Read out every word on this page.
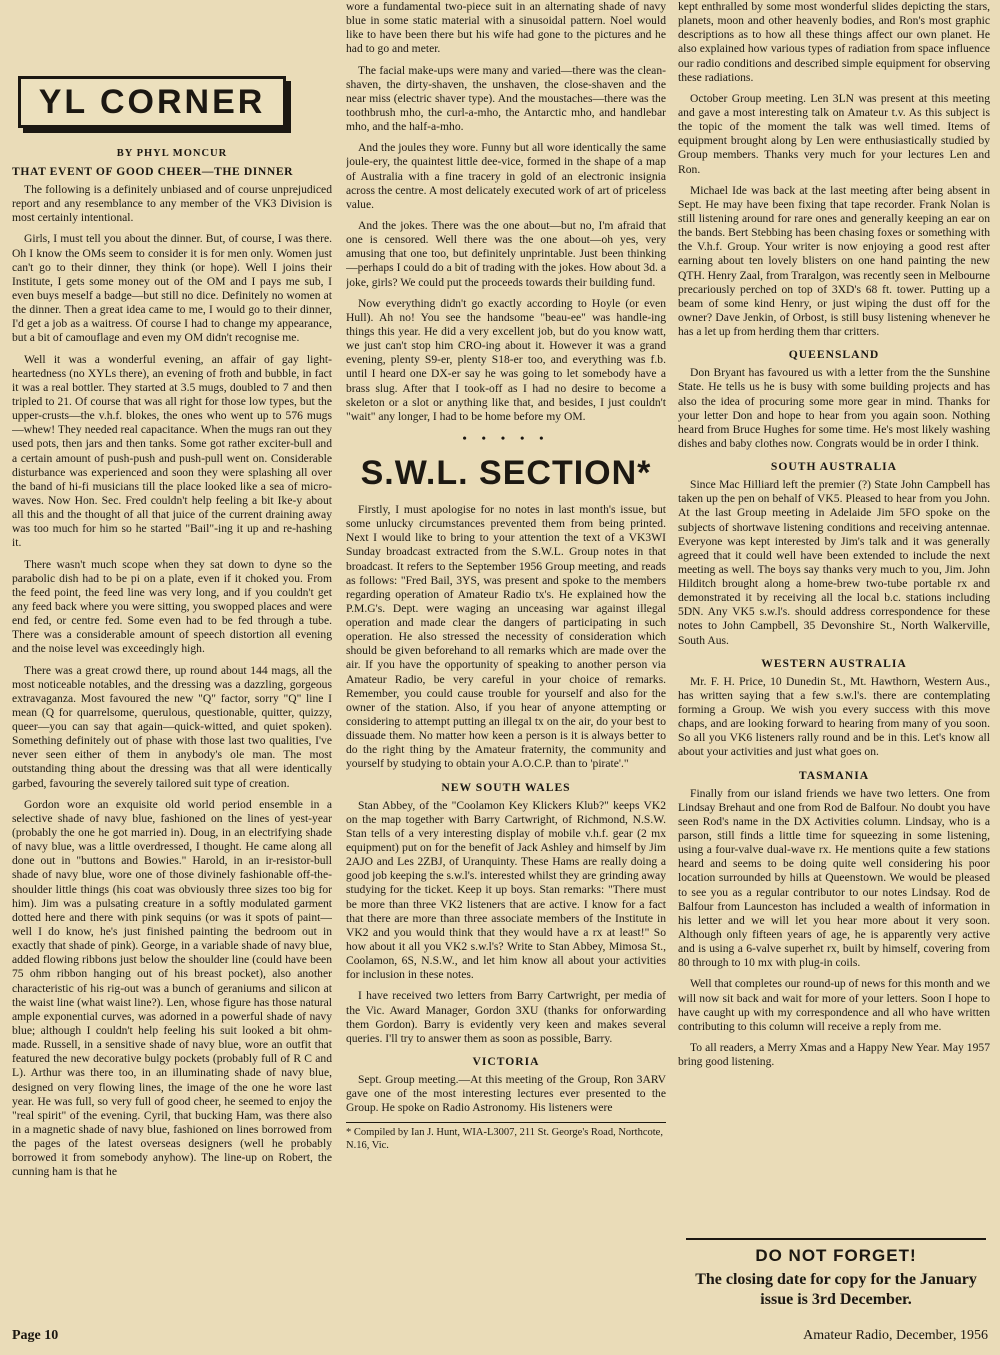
YL CORNER
BY PHYL MONCUR
THAT EVENT OF GOOD CHEER—THE DINNER

The following is a definitely unbiased and of course unprejudiced report and any resemblance to any member of the VK3 Division is most certainly intentional.

Girls, I must tell you about the dinner. But, of course, I was there. Oh I know the OMs seem to consider it is for men only. Women just can't go to their dinner, they think (or hope). Well I joins their Institute, I gets some money out of the OM and I pays me sub, I even buys meself a badge—but still no dice. Definitely no women at the dinner. Then a great idea came to me, I would go to their dinner, I'd get a job as a waitress. Of course I had to change my appearance, but a bit of camouflage and even my OM didn't recognise me.

Well it was a wonderful evening, an affair of gay light-heartedness (no XYLs there), an evening of froth and bubble, in fact it was a real bottler. They started at 3.5 mugs, doubled to 7 and then tripled to 21. Of course that was all right for those low types, but the upper-crusts—the v.h.f. blokes, the ones who went up to 576 mugs—whew! They needed real capacitance. When the mugs ran out they used pots, then jars and then tanks. Some got rather exciter-bull and a certain amount of push-push and push-pull went on. Considerable disturbance was experienced and soon they were splashing all over the band of hi-fi musicians till the place looked like a sea of micro-waves. Now Hon. Sec. Fred couldn't help feeling a bit Ike-y about all this and the thought of all that juice of the current draining away was too much for him so he started "Bail"-ing it up and re-hashing it.

There wasn't much scope when they sat down to dyne so the parabolic dish had to be pi on a plate, even if it choked you. From the feed point, the feed line was very long, and if you couldn't get any feed back where you were sitting, you swopped places and were end fed, or centre fed. Some even had to be fed through a tube. There was a considerable amount of speech distortion all evening and the noise level was exceedingly high.

There was a great crowd there, up round about 144 mags, all the most noticeable notables, and the dressing was a dazzling, gorgeous extravaganza. Most favoured the new "Q" factor, sorry "Q" line I mean (Q for quarrelsome, querulous, questionable, quitter, quizzy, queer—you can say that again—quick-witted, and quiet spoken). Something definitely out of phase with those last two qualities, I've never seen either of them in anybody's ole man. The most outstanding thing about the dressing was that all were identically garbed, favouring the severely tailored suit type of creation.

Gordon wore an exquisite old world period ensemble in a selective shade of navy blue, fashioned on the lines of yest-year (probably the one he got married in). Doug, in an electrifying shade of navy blue, was a little overdressed, I thought. He came along all done out in "buttons and Bowies." Harold, in an ir-resistor-bull shade of navy blue, wore one of those divinely fashionable off-the-shoulder little things (his coat was obviously three sizes too big for him). Jim was a pulsating creature in a softly modulated garment dotted here and there with pink sequins (or was it spots of paint—well I do know, he's just finished painting the bedroom out in exactly that shade of pink). George, in a variable shade of navy blue, added flowing ribbons just below the shoulder line (could have been 75 ohm ribbon hanging out of his breast pocket), also another characteristic of his rig-out was a bunch of geraniums and silicon at the waist line (what waist line?). Len, whose figure has those natural ample exponential curves, was adorned in a powerful shade of navy blue; although I couldn't help feeling his suit looked a bit ohm-made. Russell, in a sensitive shade of navy blue, wore an outfit that featured the new decorative bulgy pockets (probably full of R C and L). Arthur was there too, in an illuminating shade of navy blue, designed on very flowing lines, the image of the one he wore last year. He was full, so very full of good cheer, he seemed to enjoy the "real spirit" of the evening. Cyril, that bucking Ham, was there also in a magnetic shade of navy blue, fashioned on lines borrowed from the pages of the latest overseas designers (well he probably borrowed it from somebody anyhow). The line-up on Robert, the cunning ham is that he

wore a fundamental two-piece suit in an alternating shade of navy blue in some static material with a sinusoidal pattern. Noel would like to have been there but his wife had gone to the pictures and he had to go and meter.

The facial make-ups were many and varied—there was the clean-shaven, the dirty-shaven, the unshaven, the close-shaven and the near miss (electric shaver type). And the moustaches—there was the toothbrush mho, the curl-a-mho, the Antarctic mho, and handlebar mho, and the half-a-mho.

And the joules they wore. Funny but all wore identically the same joule-ery, the quaintest little dee-vice, formed in the shape of a map of Australia with a fine tracery in gold of an electronic insignia across the centre. A most delicately executed work of art of priceless value.

And the jokes. There was the one about—but no, I'm afraid that one is censored. Well there was the one about—oh yes, very amusing that one too, but definitely unprintable. Just been thinking—perhaps I could do a bit of trading with the jokes. How about 3d. a joke, girls? We could put the proceeds towards their building fund.

Now everything didn't go exactly according to Hoyle (or even Hull). Ah no! You see the handsome "beau-ee" was handle-ing things this year. He did a very excellent job, but do you know watt, we just can't stop him CRO-ing about it. However it was a grand evening, plenty S9-er, plenty S18-er too, and everything was f.b. until I heard one DX-er say he was going to let somebody have a brass slug. After that I took-off as I had no desire to become a skeleton or a slot or anything like that, and besides, I just couldn't "wait" any longer, I had to be home before my OM.

• • • • •
S.W.L. SECTION*

Firstly, I must apologise for no notes in last month's issue, but some unlucky circumstances prevented them from being printed. Next I would like to bring to your attention the text of a VK3WI Sunday broadcast extracted from the S.W.L. Group notes in that broadcast. It refers to the September 1956 Group meeting, and reads as follows: "Fred Bail, 3YS, was present and spoke to the members regarding operation of Amateur Radio tx's. He explained how the P.M.G's. Dept. were waging an unceasing war against illegal operation and made clear the dangers of participating in such operation. He also stressed the necessity of consideration which should be given beforehand to all remarks which are made over the air. If you have the opportunity of speaking to another person via Amateur Radio, be very careful in your choice of remarks. Remember, you could cause trouble for yourself and also for the owner of the station. Also, if you hear of anyone attempting or considering to attempt putting an illegal tx on the air, do your best to dissuade them. No matter how keen a person is it is always better to do the right thing by the Amateur fraternity, the community and yourself by studying to obtain your A.O.C.P. than to 'pirate'."

NEW SOUTH WALES

Stan Abbey, of the "Coolamon Key Klickers Klub?" keeps VK2 on the map together with Barry Cartwright, of Richmond, N.S.W. Stan tells of a very interesting display of mobile v.h.f. gear (2 mx equipment) put on for the benefit of Jack Ashley and himself by Jim 2AJO and Les 2ZBJ, of Uranquinty. These Hams are really doing a good job keeping the s.w.l's. interested whilst they are grinding away studying for the ticket. Keep it up boys. Stan remarks: "There must be more than three VK2 listeners that are active. I know for a fact that there are more than three associate members of the Institute in VK2 and you would think that they would have a rx at least!" So how about it all you VK2 s.w.l's? Write to Stan Abbey, Mimosa St., Coolamon, 6S, N.S.W., and let him know all about your activities for inclusion in these notes.

I have received two letters from Barry Cartwright, per media of the Vic. Award Manager, Gordon 3XU (thanks for onforwarding them Gordon). Barry is evidently very keen and makes several queries. I'll try to answer them as soon as possible, Barry.

VICTORIA

Sept. Group meeting.—At this meeting of the Group, Ron 3ARV gave one of the most interesting lectures ever presented to the Group. He spoke on Radio Astronomy. His listeners were

* Compiled by Ian J. Hunt, WIA-L3007, 211 St. George's Road, Northcote, N.16, Vic.

kept enthralled by some most wonderful slides depicting the stars, planets, moon and other heavenly bodies, and Ron's most graphic descriptions as to how all these things affect our own planet. He also explained how various types of radiation from space influence our radio conditions and described simple equipment for observing these radiations.

October Group meeting. Len 3LN was present at this meeting and gave a most interesting talk on Amateur t.v. As this subject is the topic of the moment the talk was well timed. Items of equipment brought along by Len were enthusiastically studied by Group members. Thanks very much for your lectures Len and Ron.

Michael Ide was back at the last meeting after being absent in Sept. He may have been fixing that tape recorder. Frank Nolan is still listening around for rare ones and generally keeping an ear on the bands. Bert Stebbing has been chasing foxes or something with the V.h.f. Group. Your writer is now enjoying a good rest after earning about ten lovely blisters on one hand painting the new QTH. Henry Zaal, from Traralgon, was recently seen in Melbourne precariously perched on top of 3XD's 68 ft. tower. Putting up a beam of some kind Henry, or just wiping the dust off for the owner? Dave Jenkin, of Orbost, is still busy listening whenever he has a let up from herding them thar critters.

QUEENSLAND

Don Bryant has favoured us with a letter from the the Sunshine State. He tells us he is busy with some building projects and has also the idea of procuring some more gear in mind. Thanks for your letter Don and hope to hear from you again soon. Nothing heard from Bruce Hughes for some time. He's most likely washing dishes and baby clothes now. Congrats would be in order I think.

SOUTH AUSTRALIA

Since Mac Hilliard left the premier (?) State John Campbell has taken up the pen on behalf of VK5. Pleased to hear from you John. At the last Group meeting in Adelaide Jim 5FO spoke on the subjects of shortwave listening conditions and receiving antennae. Everyone was kept interested by Jim's talk and it was generally agreed that it could well have been extended to include the next meeting as well. The boys say thanks very much to you, Jim. John Hilditch brought along a home-brew two-tube portable rx and demonstrated it by receiving all the local b.c. stations including 5DN. Any VK5 s.w.l's. should address correspondence for these notes to John Campbell, 35 Devonshire St., North Walkerville, South Aus.

WESTERN AUSTRALIA

Mr. F. H. Price, 10 Dunedin St., Mt. Hawthorn, Western Aus., has written saying that a few s.w.l's. there are contemplating forming a Group. We wish you every success with this move chaps, and are looking forward to hearing from many of you soon. So all you VK6 listeners rally round and be in this. Let's know all about your activities and just what goes on.

TASMANIA

Finally from our island friends we have two letters. One from Lindsay Brehaut and one from Rod de Balfour. No doubt you have seen Rod's name in the DX Activities column. Lindsay, who is a parson, still finds a little time for squeezing in some listening, using a four-valve dual-wave rx. He mentions quite a few stations heard and seems to be doing quite well considering his poor location surrounded by hills at Queenstown. We would be pleased to see you as a regular contributor to our notes Lindsay. Rod de Balfour from Launceston has included a wealth of information in his letter and we will let you hear more about it very soon. Although only fifteen years of age, he is apparently very active and is using a 6-valve superhet rx, built by himself, covering from 80 through to 10 mx with plug-in coils.

Well that completes our round-up of news for this month and we will now sit back and wait for more of your letters. Soon I hope to have caught up with my correspondence and all who have written contributing to this column will receive a reply from me.

To all readers, a Merry Xmas and a Happy New Year. May 1957 bring good listening.

DO NOT FORGET!
The closing date for copy for the January issue is 3rd December.
Page 10	Amateur Radio, December, 1956
